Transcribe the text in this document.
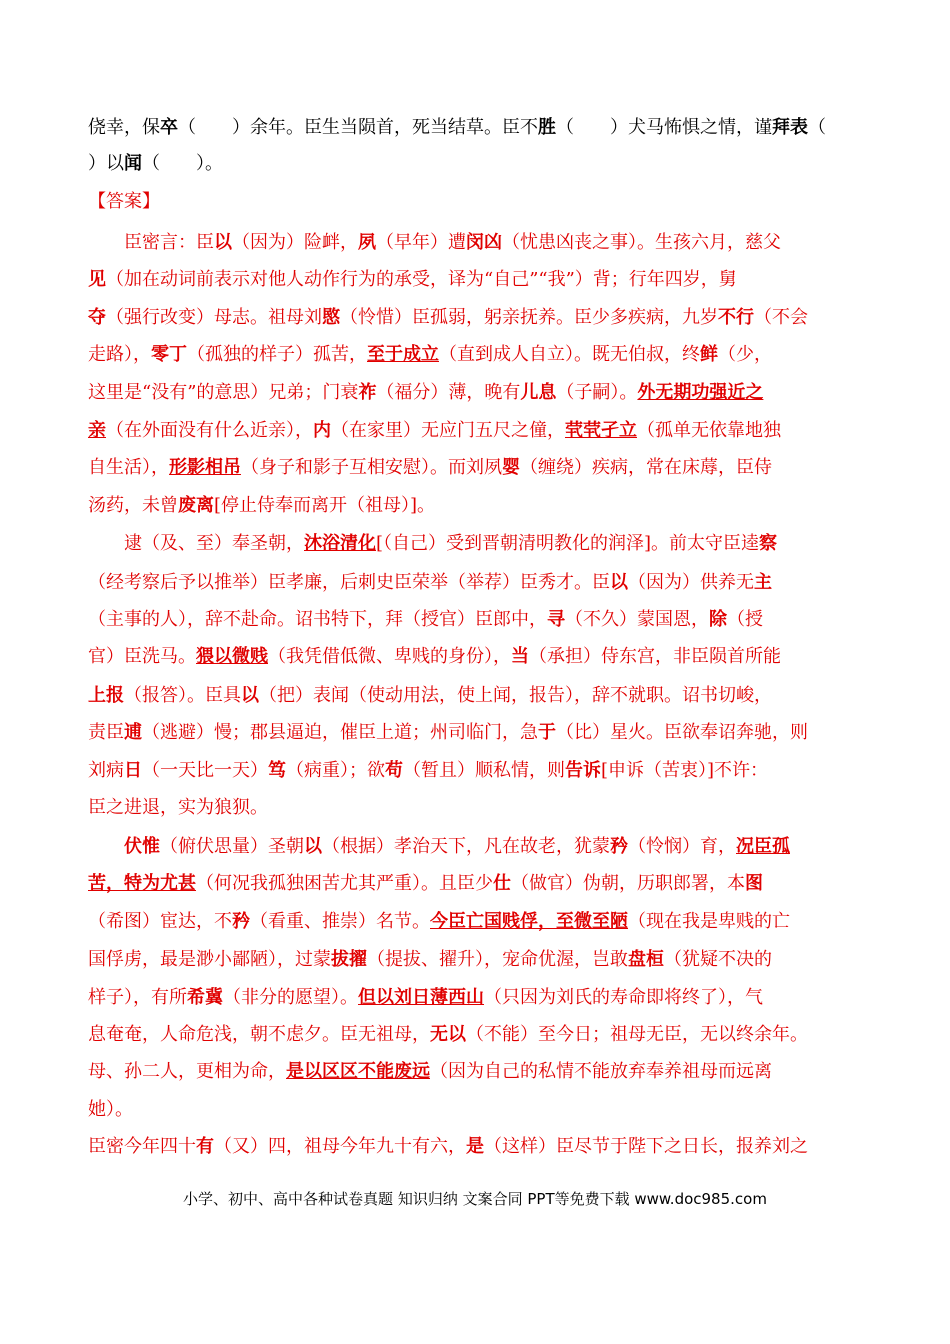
侥幸，保卒（　　）余年。臣生当陨首，死当结草。臣不胜（　　）犬马怖惧之情，谨拜表（
）以闻（　　）。
【答案】
臣密言：臣以（因为）险衅，夙（早年）遭闵凶（忧患凶丧之事）。生孩六月，慈父
见（加在动词前表示对他人动作行为的承受，译为“自己”“我”）背；行年四岁，舅
夺（强行改变）母志。祖母刘愍（怜惜）臣孤弱，躬亲抚养。臣少多疾病，九岁不行（不会
走路），零丁（孤独的样子）孤苦，至于成立（直到成人自立）。既无伯叔，终鲜（少，
这里是“没有”的意思）兄弟；门衰祚（福分）薄，晚有儿息（子嗣）。外无期功强近之
亲（在外面没有什么近亲），内（在家里）无应门五尺之僮，茕茕孑立（孤单无依靠地独
自生活），形影相吊（身子和影子互相安慰）。而刘夙婴（缠绕）疾病，常在床蓐，臣侍
汤药，未曾废离[停止侍奉而离开（祖母）]。
逮（及、至）奉圣朝，沐浴清化[（自己）受到晋朝清明教化的润泽]。前太守臣逵察
（经考察后予以推举）臣孝廉，后刺史臣荣举（举荐）臣秀才。臣以（因为）供养无主
（主事的人），辞不赴命。诏书特下，拜（授官）臣郎中，寻（不久）蒙国恩，除（授
官）臣洗马。猥以微贱（我凭借低微、卑贱的身份），当（承担）侍东宫，非臣陨首所能
上报（报答）。臣具以（把）表闻（使动用法，使上闻，报告），辞不就职。诏书切峻，
责臣逋（逃避）慢；郡县逼迫，催臣上道；州司临门，急于（比）星火。臣欲奉诏奔驰，则
刘病日（一天比一天）笃（病重）；欲苟（暂且）顺私情，则告诉[申诉（苦衷）]不许：
臣之进退，实为狼狈。
伏惟（俯伏思量）圣朝以（根据）孝治天下，凡在故老，犹蒙矜（怜悯）育，况臣孤
苦，特为尤甚（何况我孤独困苦尤其严重）。且臣少仕（做官）伪朝，历职郎署，本图
（希图）宦达，不矜（看重、推崇）名节。今臣亡国贱俘，至微至陋（现在我是卑贱的亡
国俘虏，最是渺小鄙陋），过蒙拔擢（提拔、擢升），宠命优渥，岂敢盘桓（犹疑不决的
样子），有所希冀（非分的愿望）。但以刘日薄西山（只因为刘氏的寿命即将终了），气
息奄奄，人命危浅，朝不虑夕。臣无祖母，无以（不能）至今日；祖母无臣，无以终余年。
母、孙二人，更相为命，是以区区不能废远（因为自己的私情不能放弃奉养祖母而远离
她）。
臣密今年四十有（又）四，祖母今年九十有六，是（这样）臣尽节于陛下之日长，报养刘之
小学、初中、高中各种试卷真题 知识归纳 文案合同 PPT等免费下载 www.doc985.com
